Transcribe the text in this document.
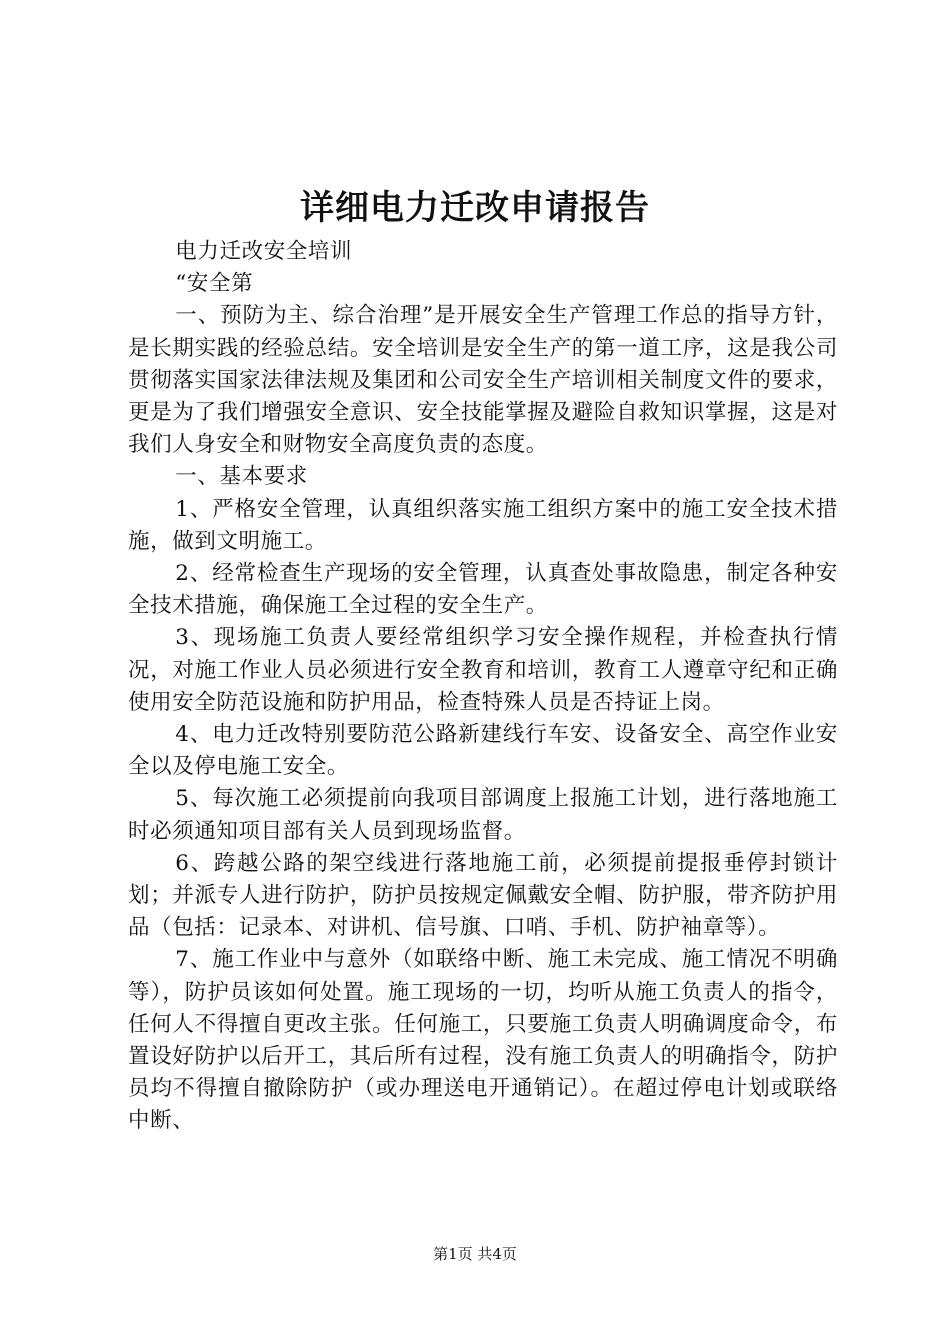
详细电力迁改申请报告

电力迁改安全培训

“安全第

一、预防为主、综合治理”是开展安全生产管理工作总的指导方针，是长期实践的经验总结。安全培训是安全生产的第一道工序，这是我公司贯彻落实国家法律法规及集团和公司安全生产培训相关制度文件的要求，更是为了我们增强安全意识、安全技能掌握及避险自救知识掌握，这是对我们人身安全和财物安全高度负责的态度。

一、基本要求

1、严格安全管理，认真组织落实施工组织方案中的施工安全技术措施，做到文明施工。

2、经常检查生产现场的安全管理，认真查处事故隐患，制定各种安全技术措施，确保施工全过程的安全生产。

3、现场施工负责人要经常组织学习安全操作规程，并检查执行情况，对施工作业人员必须进行安全教育和培训，教育工人遵章守纪和正确使用安全防范设施和防护用品，检查特殊人员是否持证上岗。

4、电力迁改特别要防范公路新建线行车安、设备安全、高空作业安全以及停电施工安全。

5、每次施工必须提前向我项目部调度上报施工计划，进行落地施工时必须通知项目部有关人员到现场监督。

6、跨越公路的架空线进行落地施工前，必须提前提报垂停封锁计划；并派专人进行防护，防护员按规定佩戴安全帽、防护服，带齐防护用品（包括：记录本、对讲机、信号旗、口哨、手机、防护袖章等）。

7、施工作业中与意外（如联络中断、施工未完成、施工情况不明确等），防护员该如何处置。施工现场的一切，均听从施工负责人的指令，任何人不得擅自更改主张。任何施工，只要施工负责人明确调度命令，布置设好防护以后开工，其后所有过程，没有施工负责人的明确指令，防护员均不得擅自撤除防护（或办理送电开通销记）。在超过停电计划或联络中断、

第1页 共4页
